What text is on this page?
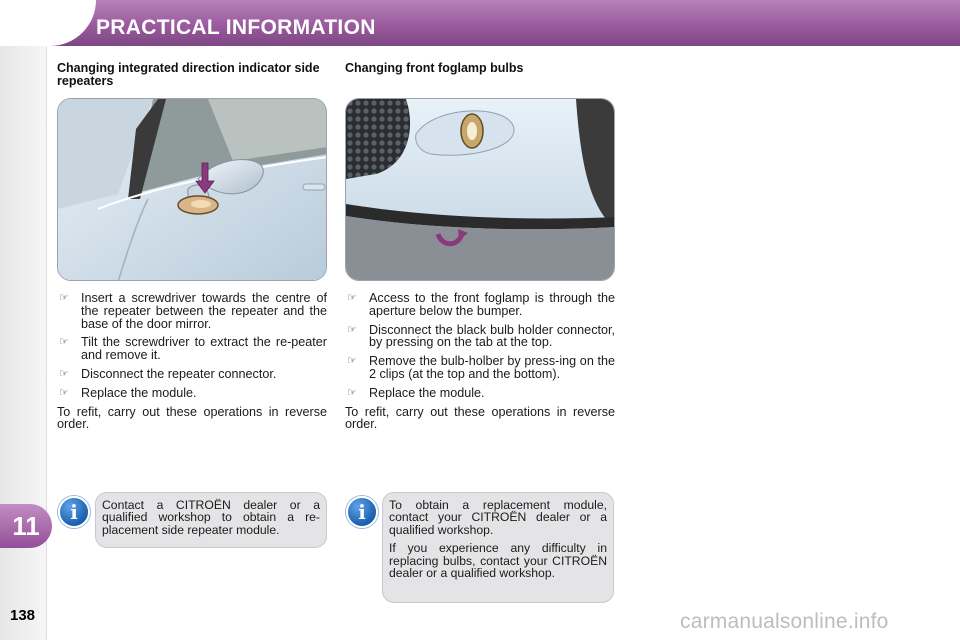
PRACTICAL INFORMATION
11
138
Changing integrated direction indicator side repeaters
☞ Insert a screwdriver towards the centre of the repeater between the repeater and the base of the door mirror.
☞ Tilt the screwdriver to extract the re-peater and remove it.
☞ Disconnect the repeater connector.
☞ Replace the module.

To refit, carry out these operations in reverse order.

Changing front foglamp bulbs
☞ Access to the front foglamp is through the aperture below the bumper.
☞ Disconnect the black bulb holder connector, by pressing on the tab at the top.
☞ Remove the bulb-holber by press-ing on the 2 clips (at the top and the bottom).
☞ Replace the module.

To refit, carry out these operations in reverse order.

i	Contact a CITROËN dealer or a qualified workshop to obtain a re-placement side repeater module.

i	To obtain a replacement module, contact your CITROËN dealer or a qualified workshop.

If you experience any difficulty in replacing bulbs, contact your CITROËN dealer or a qualified workshop.

carmanualsonline.info
